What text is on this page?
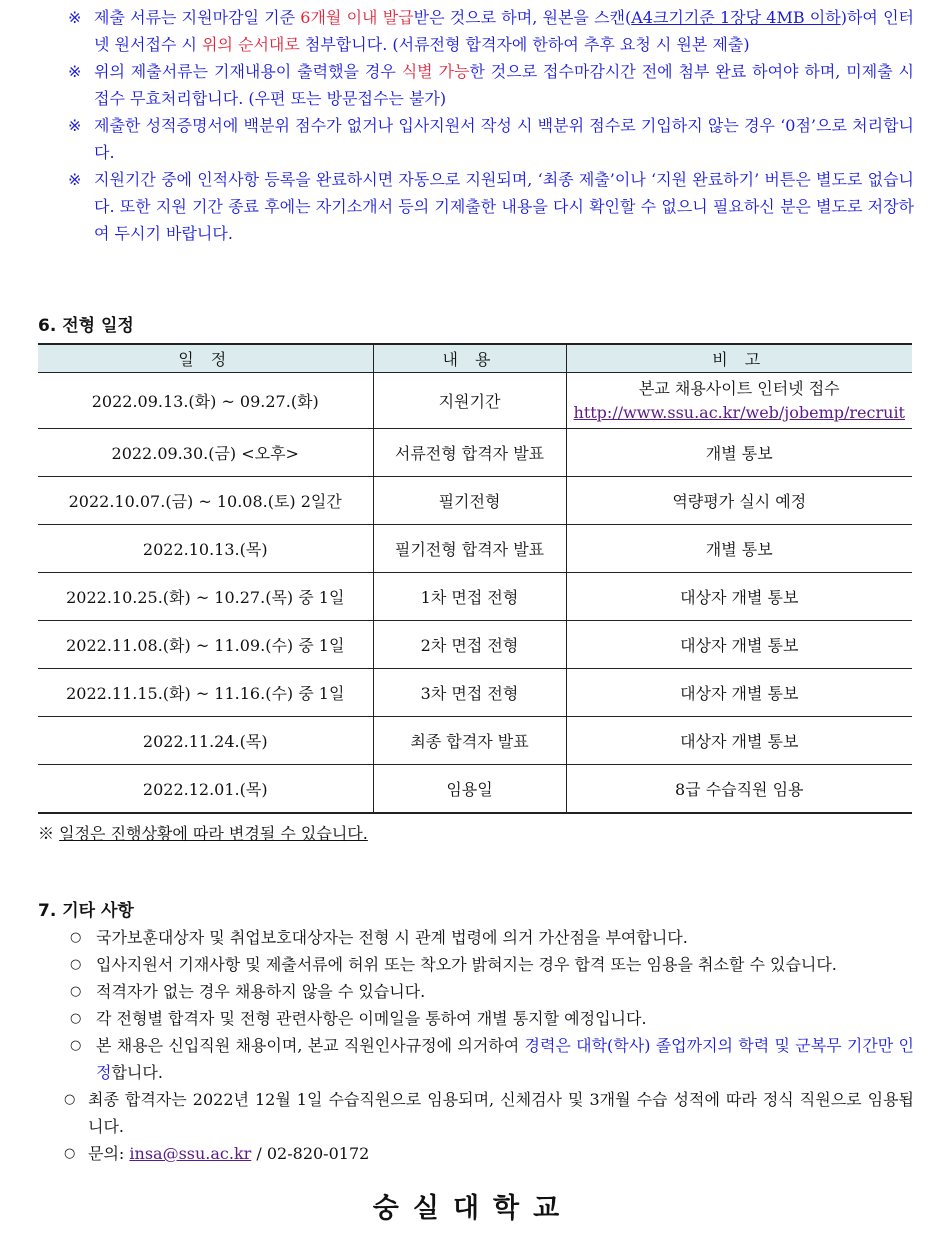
※ 제출 서류는 지원마감일 기준 6개월 이내 발급받은 것으로 하며, 원본을 스캔(A4크기기준 1장당 4MB 이하)하여 인터넷 원서접수 시 위의 순서대로 첨부합니다. (서류전형 합격자에 한하여 추후 요청 시 원본 제출)
※ 위의 제출서류는 기재내용이 출력했을 경우 식별 가능한 것으로 접수마감시간 전에 첨부 완료 하여야 하며, 미제출 시 접수 무효처리합니다. (우편 또는 방문접수는 불가)
※ 제출한 성적증명서에 백분위 점수가 없거나 입사지원서 작성 시 백분위 점수로 기입하지 않는 경우 ‘0점’으로 처리합니다.
※ 지원기간 중에 인적사항 등록을 완료하시면 자동으로 지원되며, ‘최종 제출’이나 ‘지원 완료하기’ 버튼은 별도로 없습니다. 또한 지원 기간 종료 후에는 자기소개서 등의 기제출한 내용을 다시 확인할 수 없으니 필요하신 분은 별도로 저장하여 두시기 바랍니다.
6. 전형 일정
일 정	내 용	비 고
2022.09.13.(화) ~ 09.27.(화)	지원기간	본교 채용사이트 인터넷 접수
http://www.ssu.ac.kr/web/jobemp/recruit

2022.09.30.(금) <오후>	서류전형 합격자 발표	개별 통보
2022.10.07.(금) ~ 10.08.(토) 2일간	필기전형	역량평가 실시 예정
2022.10.13.(목)	필기전형 합격자 발표	개별 통보
2022.10.25.(화) ~ 10.27.(목) 중 1일	1차 면접 전형	대상자 개별 통보
2022.11.08.(화) ~ 11.09.(수) 중 1일	2차 면접 전형	대상자 개별 통보
2022.11.15.(화) ~ 11.16.(수) 중 1일	3차 면접 전형	대상자 개별 통보
2022.11.24.(목)	최종 합격자 발표	대상자 개별 통보
2022.12.01.(목)	임용일	8급 수습직원 임용
※ 일정은 진행상황에 따라 변경될 수 있습니다.
7. 기타 사항
○ 국가보훈대상자 및 취업보호대상자는 전형 시 관계 법령에 의거 가산점을 부여합니다.
○ 입사지원서 기재사항 및 제출서류에 허위 또는 착오가 밝혀지는 경우 합격 또는 임용을 취소할 수 있습니다.
○ 적격자가 없는 경우 채용하지 않을 수 있습니다.
○ 각 전형별 합격자 및 전형 관련사항은 이메일을 통하여 개별 통지할 예정입니다.
○ 본 채용은 신입직원 채용이며, 본교 직원인사규정에 의거하여 경력은 대학(학사) 졸업까지의 학력 및 군복무 기간만 인정합니다.
○ 최종 합격자는 2022년 12월 1일 수습직원으로 임용되며, 신체검사 및 3개월 수습 성적에 따라 정식 직원으로 임용됩니다.
○ 문의: insa@ssu.ac.kr / 02-820-0172
숭실대학교
